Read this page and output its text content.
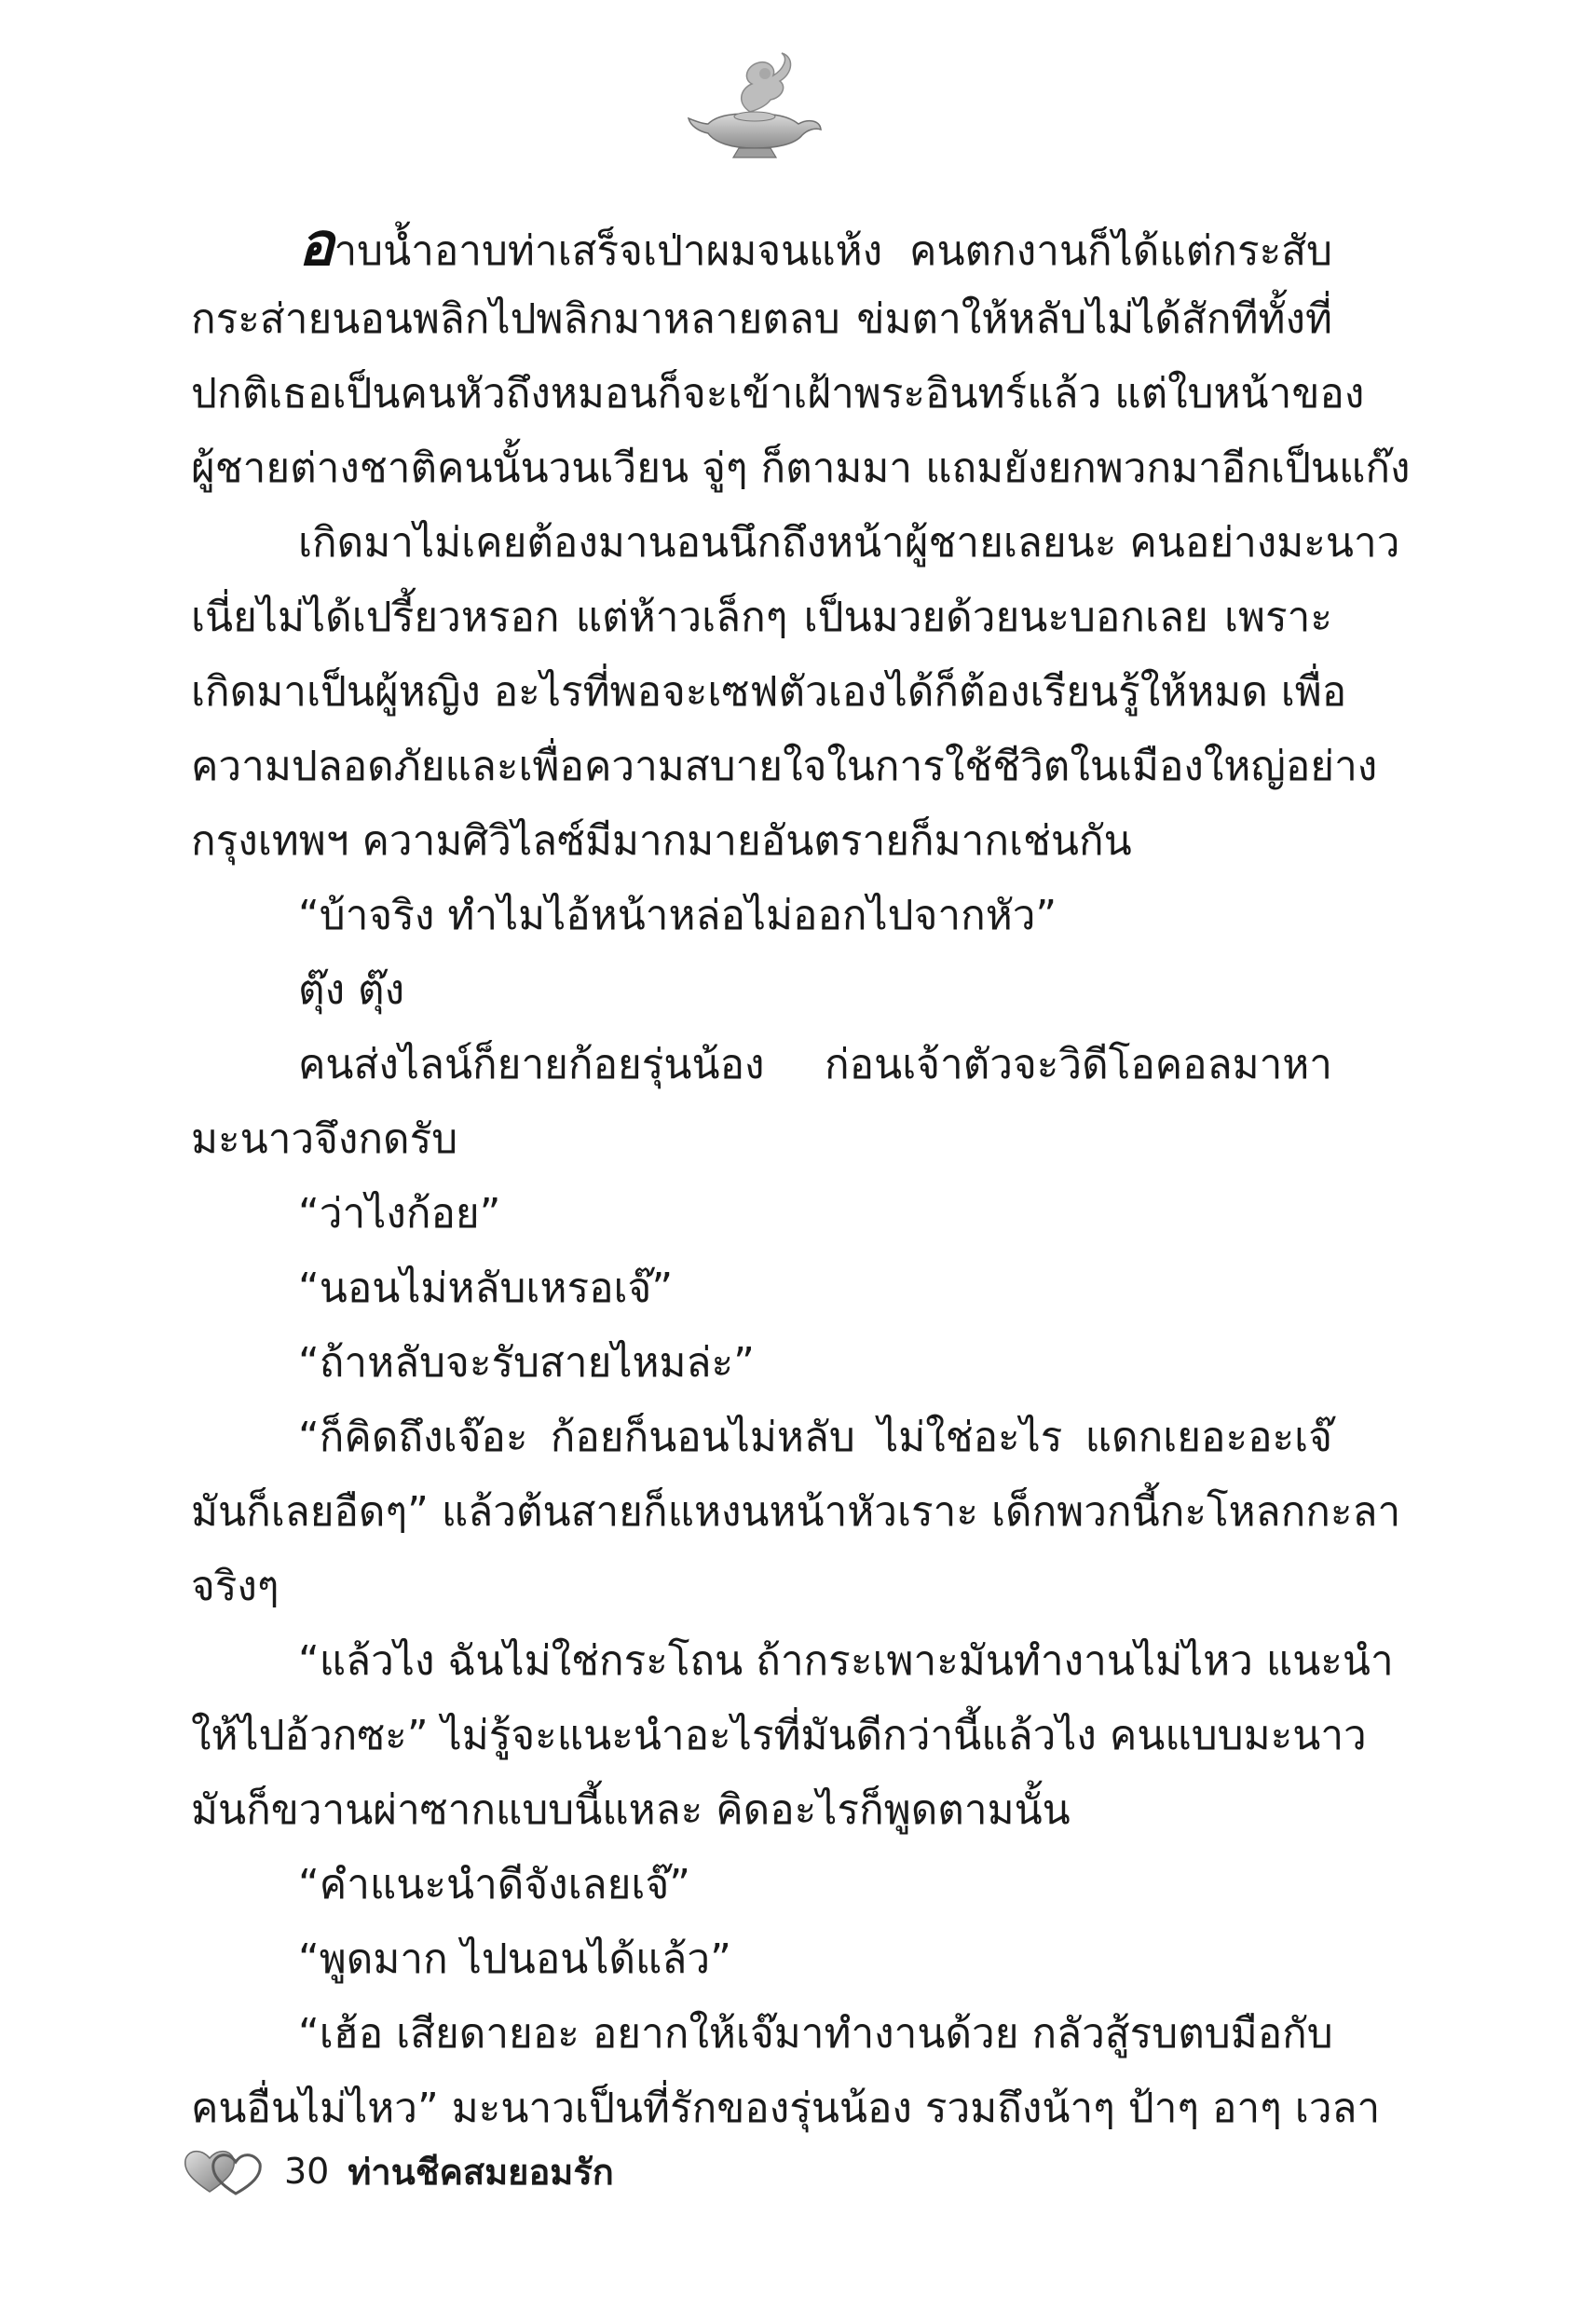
อาบน้ำอาบท่าเสร็จเป่าผมจนแห้ง คนตกงานก็ได้แต่กระสับ
กระส่ายนอนพลิกไปพลิกมาหลายตลบ ข่มตาให้หลับไม่ได้สักทีทั้งที่
ปกติเธอเป็นคนหัวถึงหมอนก็จะเข้าเฝ้าพระอินทร์แล้ว แต่ใบหน้าของ
ผู้ชายต่างชาติคนนั้นวนเวียน จู่ๆ ก็ตามมา แถมยังยกพวกมาอีกเป็นแก๊ง
เกิดมาไม่เคยต้องมานอนนึกถึงหน้าผู้ชายเลยนะ คนอย่างมะนาว
เนี่ยไม่ได้เปรี้ยวหรอก แต่ห้าวเล็กๆ เป็นมวยด้วยนะบอกเลย เพราะ
เกิดมาเป็นผู้หญิง อะไรที่พอจะเซฟตัวเองได้ก็ต้องเรียนรู้ให้หมด เพื่อ
ความปลอดภัยและเพื่อความสบายใจในการใช้ชีวิตในเมืองใหญ่อย่าง
กรุงเทพฯ ความศิวิไลซ์มีมากมายอันตรายก็มากเช่นกัน
“บ้าจริง ทำไมไอ้หน้าหล่อไม่ออกไปจากหัว”
ตุ๊ง ตุ๊ง
คนส่งไลน์ก็ยายก้อยรุ่นน้อง ก่อนเจ้าตัวจะวิดีโอคอลมาหา
มะนาวจึงกดรับ
“ว่าไงก้อย”
“นอนไม่หลับเหรอเจ๊”
“ถ้าหลับจะรับสายไหมล่ะ”
“ก็คิดถึงเจ๊อะ ก้อยก็นอนไม่หลับ ไม่ใช่อะไร แดกเยอะอะเจ๊
มันก็เลยอืดๆ” แล้วต้นสายก็แหงนหน้าหัวเราะ เด็กพวกนี้กะโหลกกะลา
จริงๆ
“แล้วไง ฉันไม่ใช่กระโถน ถ้ากระเพาะมันทำงานไม่ไหว แนะนำ
ให้ไปอ้วกซะ” ไม่รู้จะแนะนำอะไรที่มันดีกว่านี้แล้วไง คนแบบมะนาว
มันก็ขวานผ่าซากแบบนี้แหละ คิดอะไรก็พูดตามนั้น
“คำแนะนำดีจังเลยเจ๊”
“พูดมาก ไปนอนได้แล้ว”
“เฮ้อ เสียดายอะ อยากให้เจ๊มาทำงานด้วย กลัวสู้รบตบมือกับ
คนอื่นไม่ไหว” มะนาวเป็นที่รักของรุ่นน้อง รวมถึงน้าๆ ป้าๆ อาๆ เวลา
30 ท่านชีคสมยอมรัก
